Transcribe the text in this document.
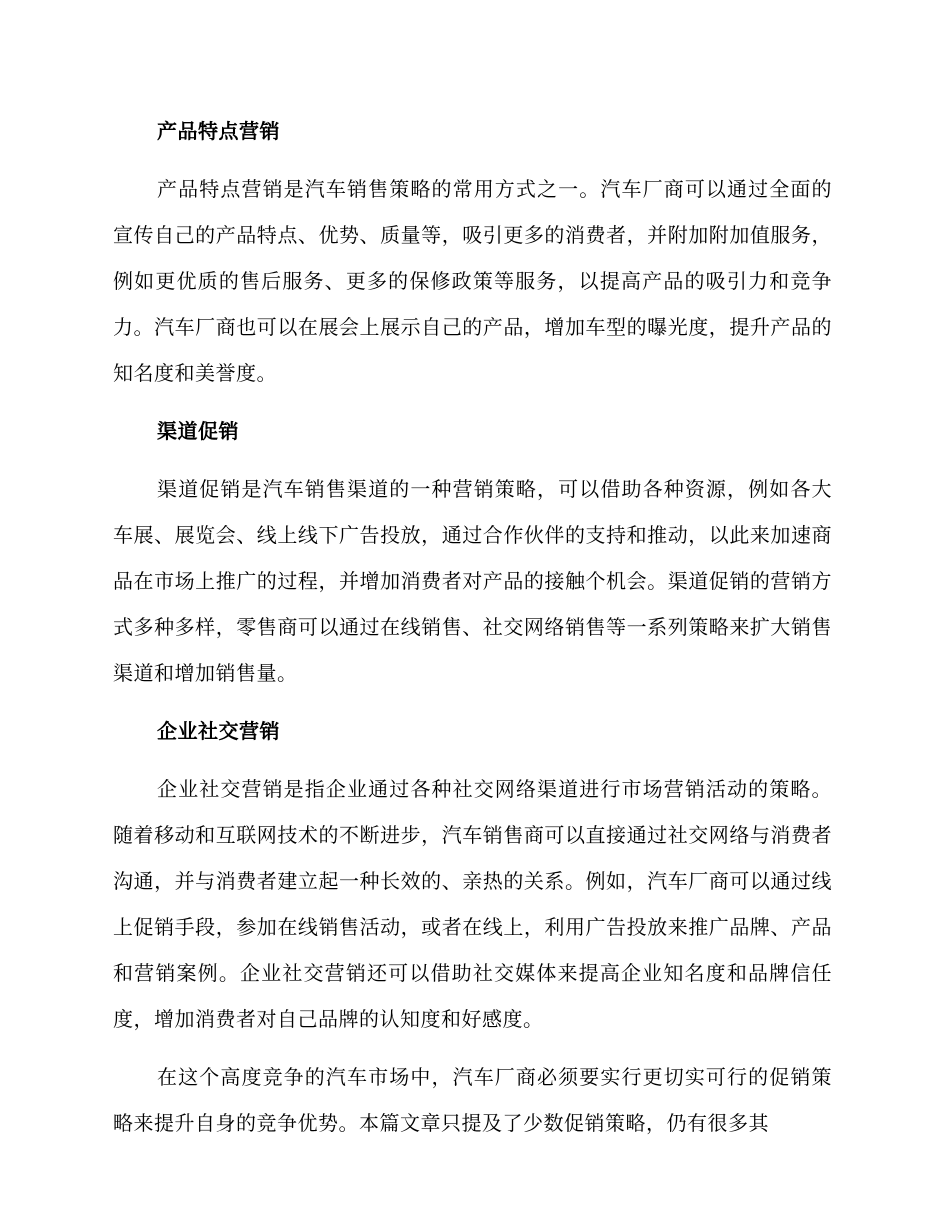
产品特点营销

产品特点营销是汽车销售策略的常用方式之一。汽车厂商可以通过全面的宣传自己的产品特点、优势、质量等，吸引更多的消费者，并附加附加值服务，例如更优质的售后服务、更多的保修政策等服务，以提高产品的吸引力和竞争力。汽车厂商也可以在展会上展示自己的产品，增加车型的曝光度，提升产品的知名度和美誉度。

渠道促销

渠道促销是汽车销售渠道的一种营销策略，可以借助各种资源，例如各大车展、展览会、线上线下广告投放，通过合作伙伴的支持和推动，以此来加速商品在市场上推广的过程，并增加消费者对产品的接触个机会。渠道促销的营销方式多种多样，零售商可以通过在线销售、社交网络销售等一系列策略来扩大销售渠道和增加销售量。

企业社交营销

企业社交营销是指企业通过各种社交网络渠道进行市场营销活动的策略。随着移动和互联网技术的不断进步，汽车销售商可以直接通过社交网络与消费者沟通，并与消费者建立起一种长效的、亲热的关系。例如，汽车厂商可以通过线上促销手段，参加在线销售活动，或者在线上，利用广告投放来推广品牌、产品和营销案例。企业社交营销还可以借助社交媒体来提高企业知名度和品牌信任度，增加消费者对自己品牌的认知度和好感度。

在这个高度竞争的汽车市场中，汽车厂商必须要实行更切实可行的促销策略来提升自身的竞争优势。本篇文章只提及了少数促销策略，仍有很多其
